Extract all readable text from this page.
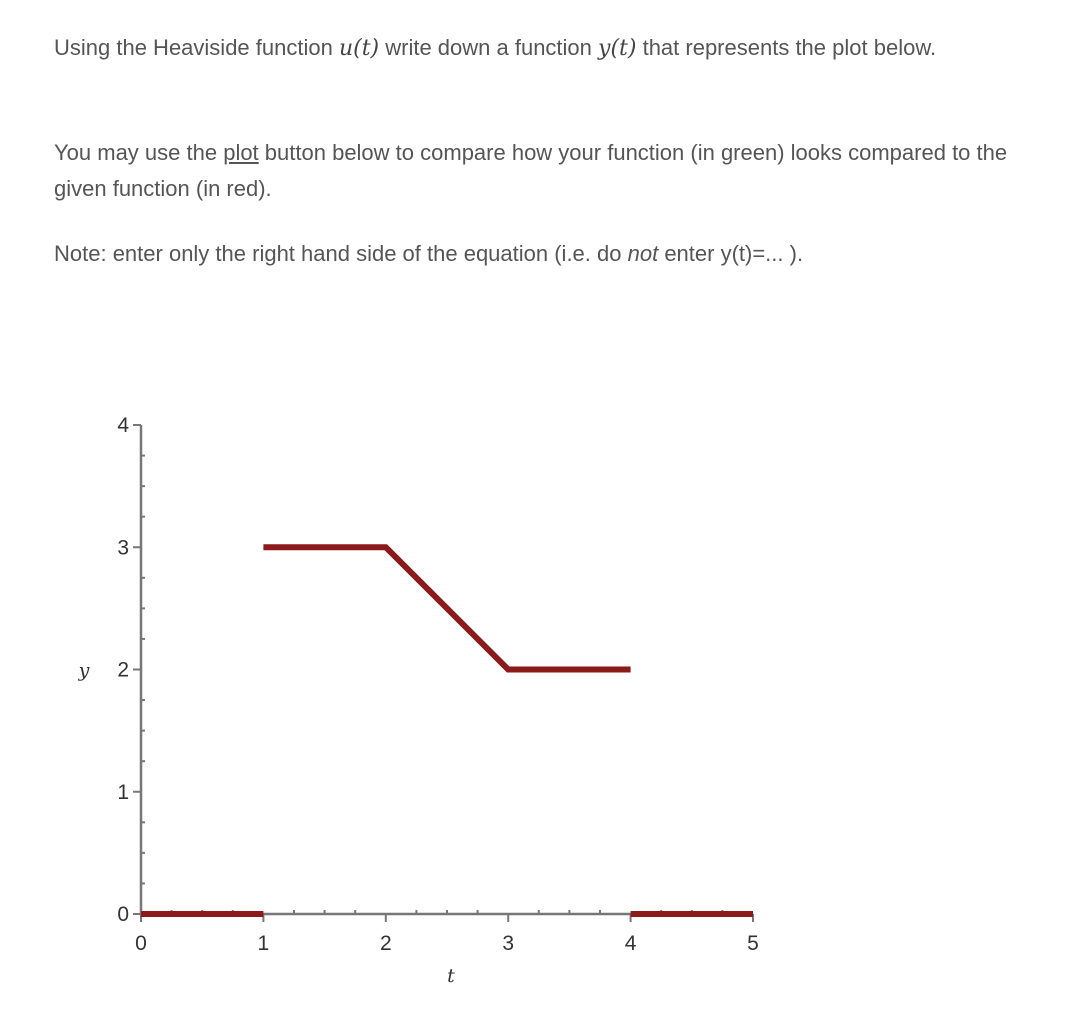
Using the Heaviside function u(t) write down a function y(t) that represents the plot below.

You may use the plot button below to compare how your function (in green) looks compared to the given function (in red).

Note: enter only the right hand side of the equation (i.e. do not enter y(t)=... ).

0
1
2
3
4
0	1	2	3	4	5
t
y
